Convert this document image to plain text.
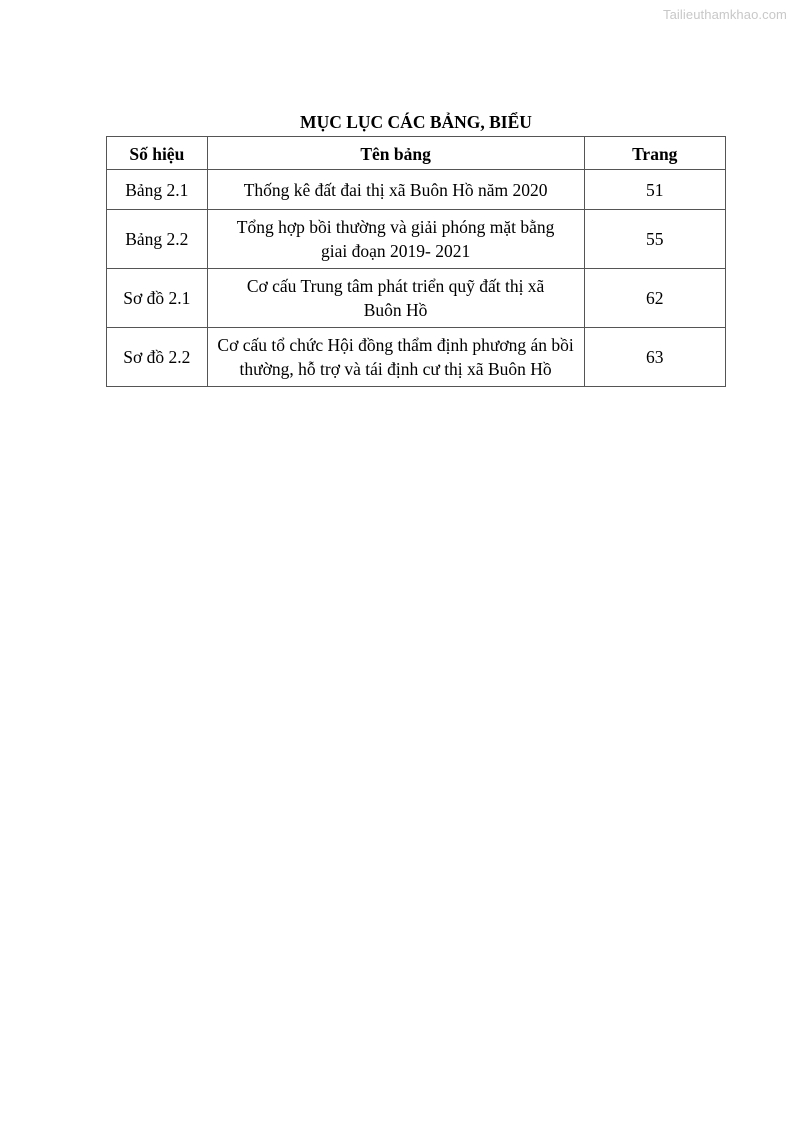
Tailieuthamkhao.com
MỤC LỤC CÁC BẢNG, BIỂU
Số hiệu	Tên bảng	Trang
Bảng 2.1	Thống kê đất đai thị xã Buôn Hồ năm 2020	51
Bảng 2.2	Tổng hợp bồi thường và giải phóng mặt bằng giai đoạn 2019- 2021	55
Sơ đồ 2.1	Cơ cấu Trung tâm phát triển quỹ đất thị xã Buôn Hồ	62
Sơ đồ 2.2	Cơ cấu tổ chức Hội đồng thẩm định phương án bồi thường, hỗ trợ và tái định cư thị xã Buôn Hồ	63
